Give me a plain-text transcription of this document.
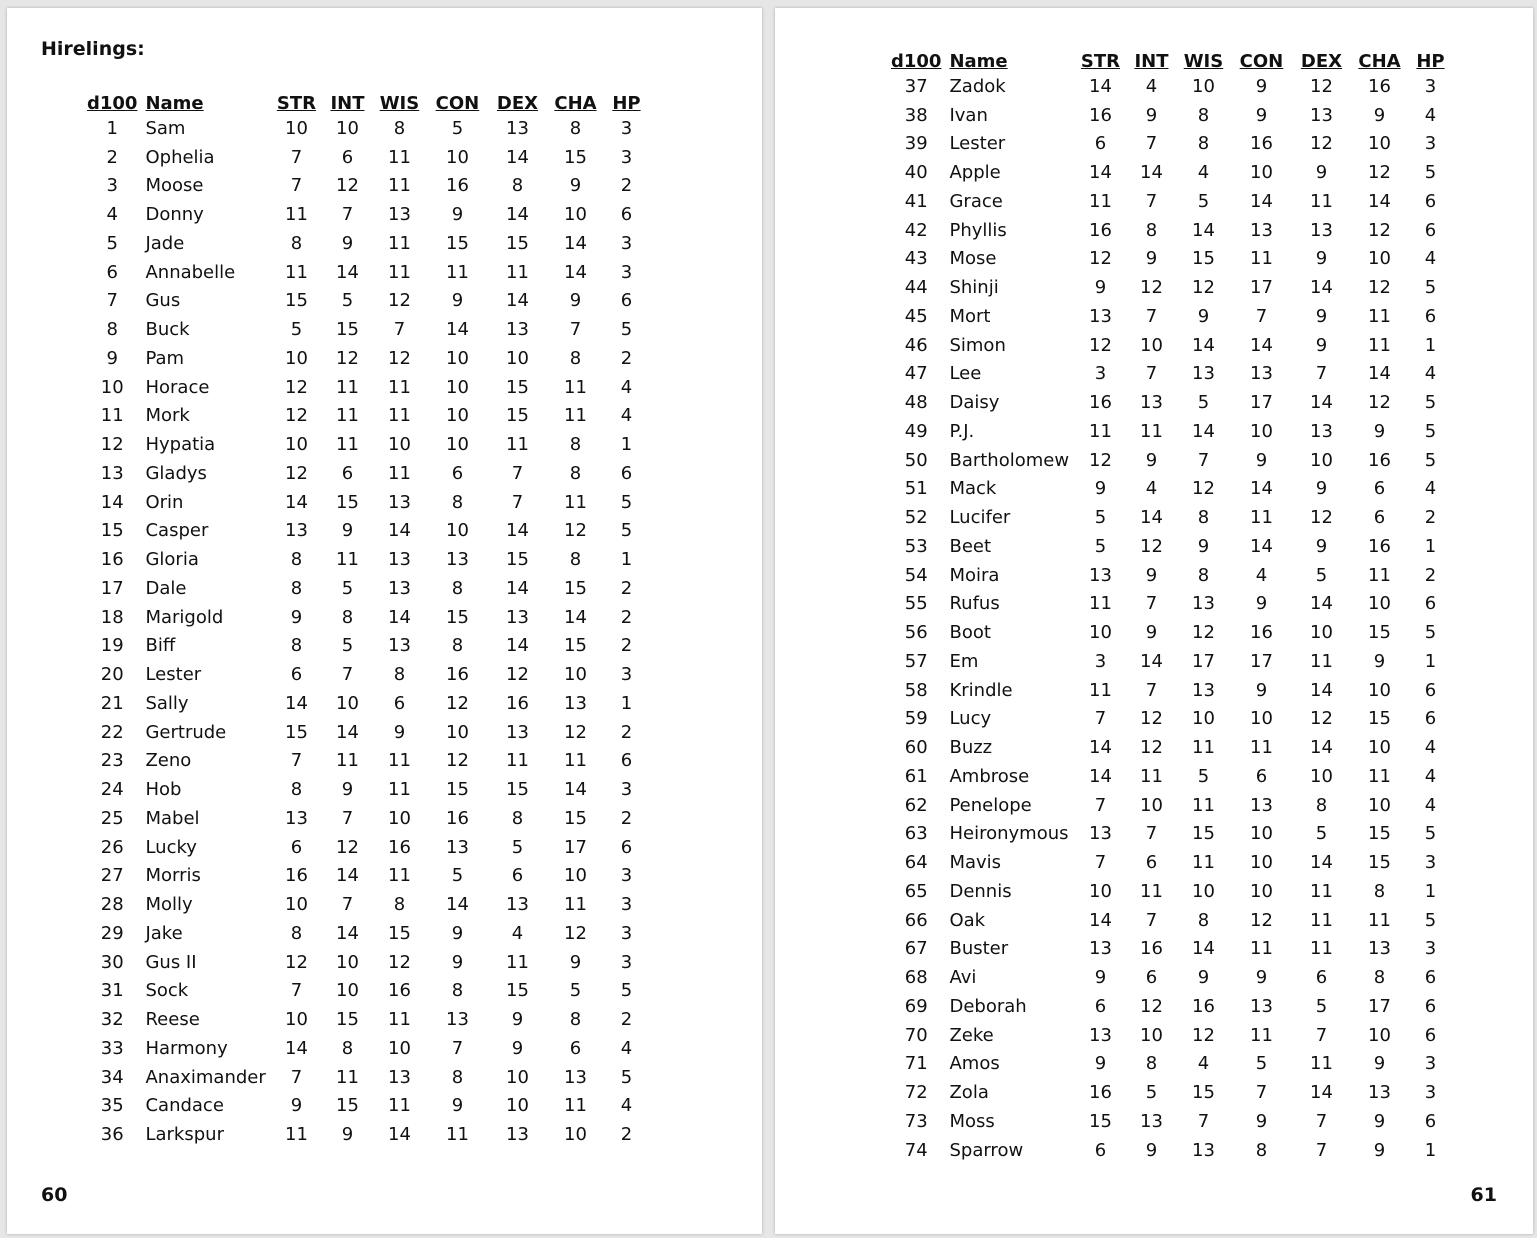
Hirelings:
d100	Name	STR	INT	WIS	CON	DEX	CHA	HP
1	Sam	10	10	8	5	13	8	3
2	Ophelia	7	6	11	10	14	15	3
3	Moose	7	12	11	16	8	9	2
4	Donny	11	7	13	9	14	10	6
5	Jade	8	9	11	15	15	14	3
6	Annabelle	11	14	11	11	11	14	3
7	Gus	15	5	12	9	14	9	6
8	Buck	5	15	7	14	13	7	5
9	Pam	10	12	12	10	10	8	2
10	Horace	12	11	11	10	15	11	4
11	Mork	12	11	11	10	15	11	4
12	Hypatia	10	11	10	10	11	8	1
13	Gladys	12	6	11	6	7	8	6
14	Orin	14	15	13	8	7	11	5
15	Casper	13	9	14	10	14	12	5
16	Gloria	8	11	13	13	15	8	1
17	Dale	8	5	13	8	14	15	2
18	Marigold	9	8	14	15	13	14	2
19	Biff	8	5	13	8	14	15	2
20	Lester	6	7	8	16	12	10	3
21	Sally	14	10	6	12	16	13	1
22	Gertrude	15	14	9	10	13	12	2
23	Zeno	7	11	11	12	11	11	6
24	Hob	8	9	11	15	15	14	3
25	Mabel	13	7	10	16	8	15	2
26	Lucky	6	12	16	13	5	17	6
27	Morris	16	14	11	5	6	10	3
28	Molly	10	7	8	14	13	11	3
29	Jake	8	14	15	9	4	12	3
30	Gus II	12	10	12	9	11	9	3
31	Sock	7	10	16	8	15	5	5
32	Reese	10	15	11	13	9	8	2
33	Harmony	14	8	10	7	9	6	4
34	Anaximander	7	11	13	8	10	13	5
35	Candace	9	15	11	9	10	11	4
36	Larkspur	11	9	14	11	13	10	2
60
d100	Name	STR	INT	WIS	CON	DEX	CHA	HP
37	Zadok	14	4	10	9	12	16	3
38	Ivan	16	9	8	9	13	9	4
39	Lester	6	7	8	16	12	10	3
40	Apple	14	14	4	10	9	12	5
41	Grace	11	7	5	14	11	14	6
42	Phyllis	16	8	14	13	13	12	6
43	Mose	12	9	15	11	9	10	4
44	Shinji	9	12	12	17	14	12	5
45	Mort	13	7	9	7	9	11	6
46	Simon	12	10	14	14	9	11	1
47	Lee	3	7	13	13	7	14	4
48	Daisy	16	13	5	17	14	12	5
49	P.J.	11	11	14	10	13	9	5
50	Bartholomew	12	9	7	9	10	16	5
51	Mack	9	4	12	14	9	6	4
52	Lucifer	5	14	8	11	12	6	2
53	Beet	5	12	9	14	9	16	1
54	Moira	13	9	8	4	5	11	2
55	Rufus	11	7	13	9	14	10	6
56	Boot	10	9	12	16	10	15	5
57	Em	3	14	17	17	11	9	1
58	Krindle	11	7	13	9	14	10	6
59	Lucy	7	12	10	10	12	15	6
60	Buzz	14	12	11	11	14	10	4
61	Ambrose	14	11	5	6	10	11	4
62	Penelope	7	10	11	13	8	10	4
63	Heironymous	13	7	15	10	5	15	5
64	Mavis	7	6	11	10	14	15	3
65	Dennis	10	11	10	10	11	8	1
66	Oak	14	7	8	12	11	11	5
67	Buster	13	16	14	11	11	13	3
68	Avi	9	6	9	9	6	8	6
69	Deborah	6	12	16	13	5	17	6
70	Zeke	13	10	12	11	7	10	6
71	Amos	9	8	4	5	11	9	3
72	Zola	16	5	15	7	14	13	3
73	Moss	15	13	7	9	7	9	6
74	Sparrow	6	9	13	8	7	9	1
61
